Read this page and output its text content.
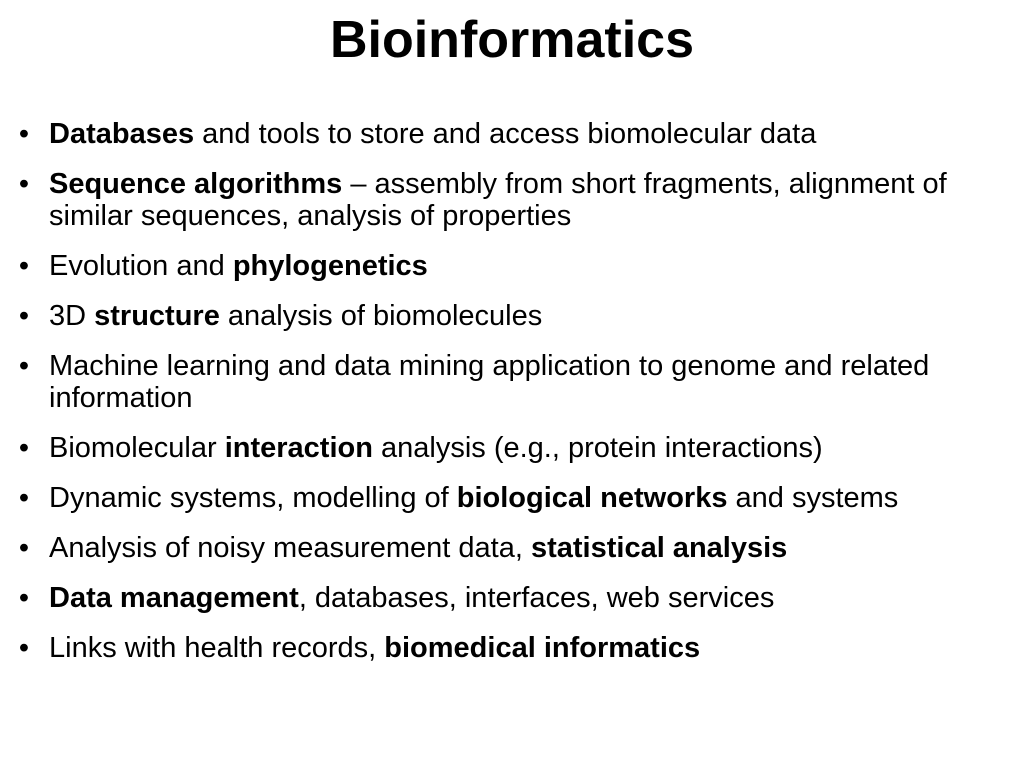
Bioinformatics
• Databases and tools to store and access biomolecular data
• Sequence algorithms – assembly from short fragments, alignment of similar sequences, analysis of properties
• Evolution and phylogenetics
• 3D structure analysis of biomolecules
• Machine learning and data mining application to genome and related information
• Biomolecular interaction analysis (e.g., protein interactions)
• Dynamic systems, modelling of biological networks and systems
• Analysis of noisy measurement data, statistical analysis
• Data management, databases, interfaces, web services
• Links with health records, biomedical informatics
